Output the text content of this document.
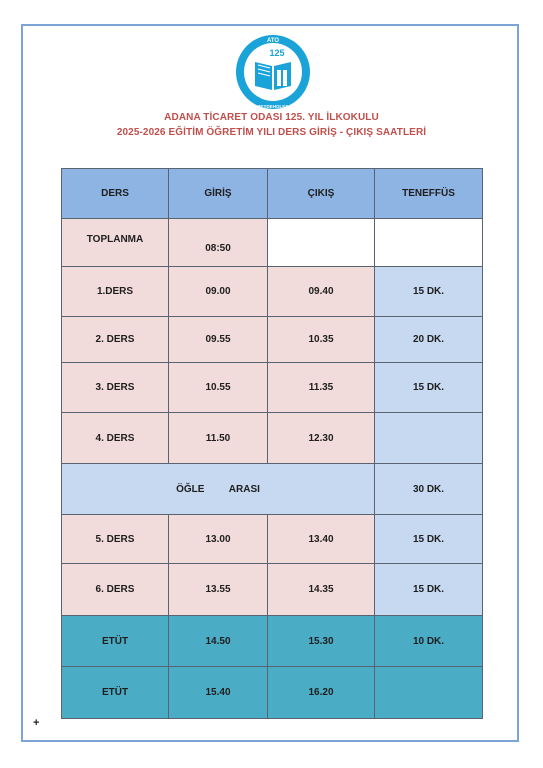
ATO
ZEYDEHOLES
125
ADANA TİCARET ODASI 125. YIL İLKOKULU
2025-2026 EĞİTİM ÖĞRETİM YILI DERS GİRİŞ - ÇIKIŞ SAATLERİ
DERS	GİRİŞ	ÇIKIŞ	TENEFFÜS
TOPLANMA	08:50		
1.DERS	09.00	09.40	15 DK.
2. DERS	09.55	10.35	20 DK.
3. DERS	10.55	11.35	15 DK.
4. DERS	11.50	12.30	
ÖĞLE ARASI			30 DK.
5. DERS	13.00	13.40	15 DK.
6. DERS	13.55	14.35	15 DK.
ETÜT	14.50	15.30	10 DK.
ETÜT	15.40	16.20	
+
